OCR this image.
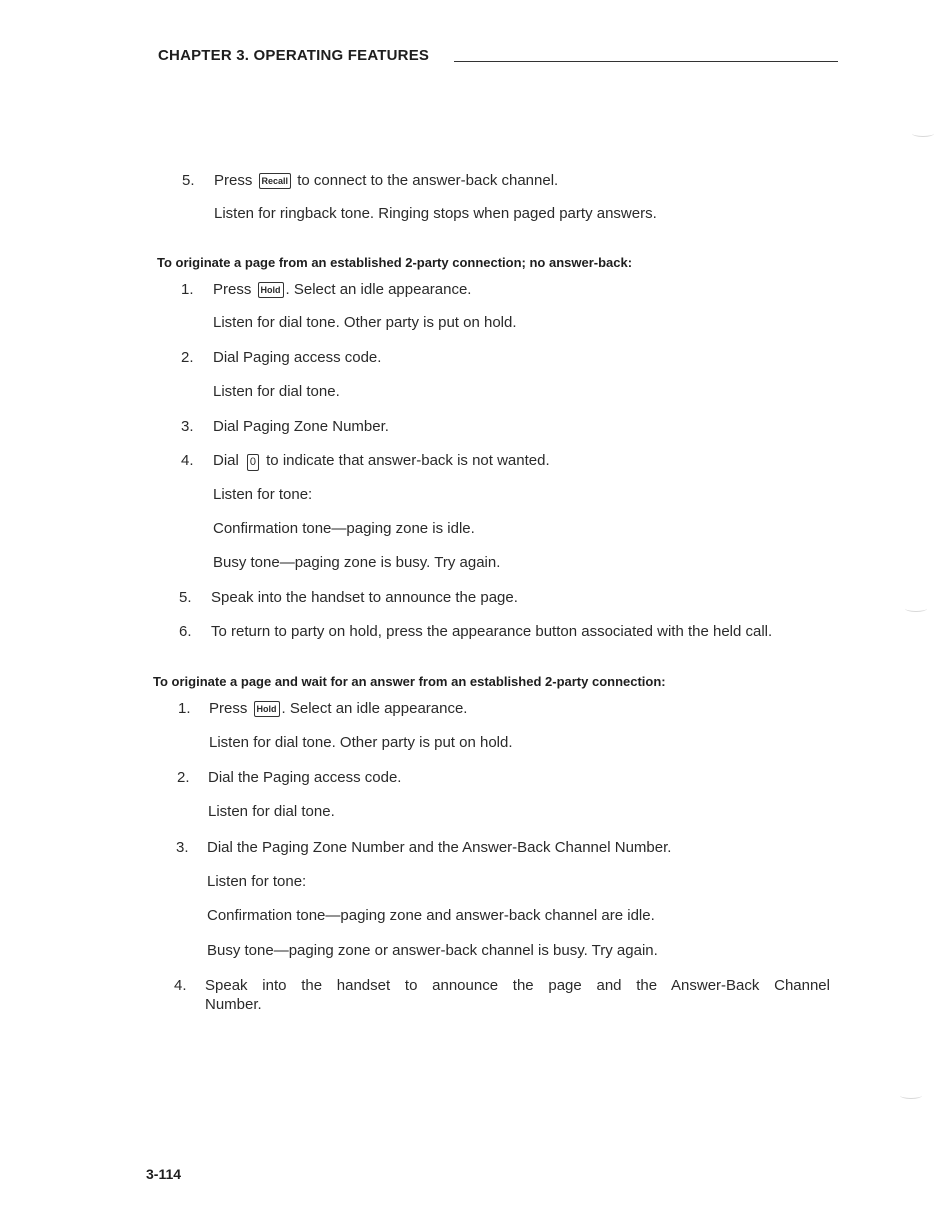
CHAPTER 3. OPERATING FEATURES
5. Press Recall to connect to the answer-back channel.
Listen for ringback tone. Ringing stops when paged party answers.
To originate a page from an established 2-party connection; no answer-back:
1. Press Hold . Select an idle appearance.
Listen for dial tone. Other party is put on hold.
2. Dial Paging access code.
Listen for dial tone.
3. Dial Paging Zone Number.
4. Dial 0 to indicate that answer-back is not wanted.
Listen for tone:
Confirmation tone—paging zone is idle.
Busy tone—paging zone is busy. Try again.
5. Speak into the handset to announce the page.
6. To return to party on hold, press the appearance button associated with the held call.
To originate a page and wait for an answer from an established 2-party connection:
1. Press Hold . Select an idle appearance.
Listen for dial tone. Other party is put on hold.
2. Dial the Paging access code.
Listen for dial tone.
3. Dial the Paging Zone Number and the Answer-Back Channel Number.
Listen for tone:
Confirmation tone—paging zone and answer-back channel are idle.
Busy tone—paging zone or answer-back channel is busy. Try again.
4. Speak into the handset to announce the page and the Answer-Back Channel
Number.
3-114
